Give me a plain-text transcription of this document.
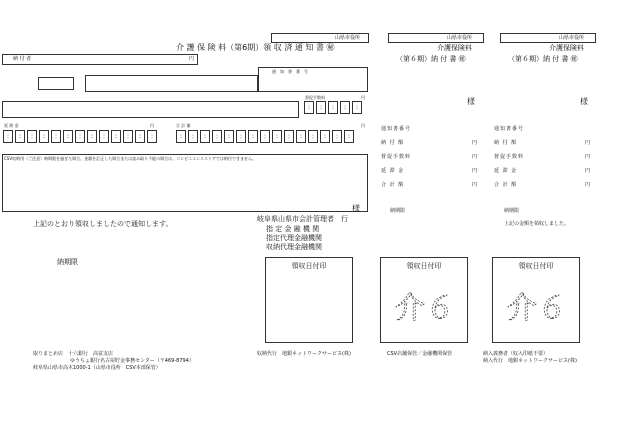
山県市役所
介 護 保 険 料（第6期）領 収 済 通 知 書 ㊙
納 付 者	円
通　知　書　番　号
督促手数料	円
:	:	:	:	:
延 滞 金	円	合 計 額	円
:	:	:	:	:	:	:	:	:	:	:	:	:	:	:	:	:	:	:	:	:	:	:	:	:	:	:	:
CSV収納用（ご注意）納期限を過ぎた場合、金額を訂正した場合または読み取り不能の場合は、コンビニエンスストアでは納付できません。
様
上記のとおり領収しましたので通知します。
岐阜県山県市会計管理者　行
指 定 金 融 機 関
指定代理金融機関
収納代理金融機関
納期限	領収日付印
収納代行　地銀ネットワークサービス(株)
取りまとめ店　十六銀行　高富支店
ゆうちょ銀行名古屋貯金事務センター（〒469-8794）
岐阜県山県市高木1000-1（山県市役所　CSV本部保管）
山県市役所
介護保険料
（第６期）納 付 書 ㊙
様
通知書番号
納 付 額	円
督促手数料	円
延 滞 金	円
合 計 額	円
納期限
領収日付印
介６
CSV店舗保管／金融機関保管
山県市役所
介護保険料
（第６期）納 付 書 ㊙
様
通知書番号
納 付 額	円
督促手数料	円
延 滞 金	円
合 計 額	円
納期限
上記の金額を領収しました。
領収日付印
介６
納入義務者（収入印紙不要）
納入代行　地銀ネットワークサービス(株)
